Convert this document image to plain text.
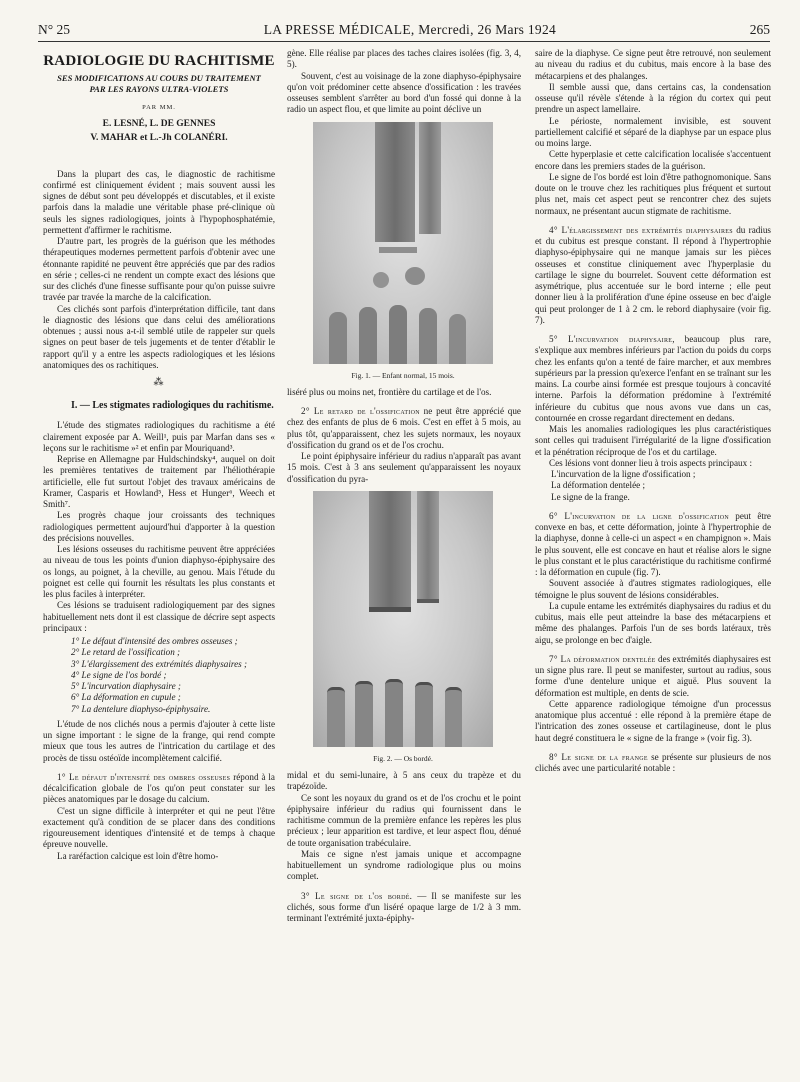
N° 25	LA PRESSE MÉDICALE, Mercredi, 26 Mars 1924	265
RADIOLOGIE DU RACHITISME
SES MODIFICATIONS AU COURS DU TRAITEMENT
PAR LES RAYONS ULTRA-VIOLETS
PAR MM.
E. LESNÉ, L. DE GENNES
V. MAHAR et L.-Jh COLANÉRI.

Dans la plupart des cas, le diagnostic de rachitisme confirmé est cliniquement évident ; mais souvent aussi les signes de début sont peu développés et discutables, et il existe parfois dans la maladie une véritable phase pré-clinique où seuls les signes radiologiques, joints à l'hypophosphatémie, permettent d'affirmer le rachitisme.

D'autre part, les progrès de la guérison que les méthodes thérapeutiques modernes permettent parfois d'obtenir avec une étonnante rapidité ne peuvent être appréciés que par des radios en série ; celles-ci ne rendent un compte exact des lésions que sur des clichés d'une finesse suffisante pour qu'on puisse suivre travée par travée la marche de la calcification.

Ces clichés sont parfois d'interprétation difficile, tant dans le diagnostic des lésions que dans celui des améliorations obtenues ; aussi nous a-t-il semblé utile de rappeler sur quels signes on peut baser de tels jugements et de tenter d'établir le rapport qu'il y a entre les aspects radiologiques et les lésions anatomiques des os rachitiques.

⁂

I. — Les stigmates radiologiques du rachitisme.

L'étude des stigmates radiologiques du rachitisme a été clairement exposée par A. Weill¹, puis par Marfan dans ses « leçons sur le rachitisme »² et enfin par Mouriquand³.

Reprise en Allemagne par Huldschindsky⁴, auquel on doit les premières tentatives de traitement par l'héliothérapie artificielle, elle fut surtout l'objet des travaux américains de Kramer, Casparis et Howland⁵, Hess et Hunger⁶, Weech et Smith⁷.

Les progrès chaque jour croissants des techniques radiologiques permettent aujourd'hui d'apporter à la question des précisions nouvelles.

Les lésions osseuses du rachitisme peuvent être appréciées au niveau de tous les points d'union diaphyso-épiphysaire des os longs, au poignet, à la cheville, au genou. Mais l'étude du poignet est celle qui fournit les résultats les plus constants et les plus faciles à interpréter.

Ces lésions se traduisent radiologiquement par des signes habituellement nets dont il est classique de décrire sept aspects principaux :

1° Le défaut d'intensité des ombres osseuses ;
2° Le retard de l'ossification ;
3° L'élargissement des extrémités diaphysaires ;
4° Le signe de l'os bordé ;
5° L'incurvation diaphysaire ;
6° La déformation en cupule ;
7° La dentelure diaphyso-épiphysaire.

L'étude de nos clichés nous a permis d'ajouter à cette liste un signe important : le signe de la frange, qui rend compte mieux que tous les autres de l'intrication du cartilage et des procès de tissu ostéoïde incomplètement calcifié.

1° Le défaut d'intensité des ombres osseuses répond à la décalcification globale de l'os qu'on peut constater sur les pièces anatomiques par le dosage du calcium.

C'est un signe difficile à interpréter et qui ne peut l'être exactement qu'à condition de se placer dans des conditions rigoureusement identiques d'intensité et de temps à chaque épreuve nouvelle.

La raréfaction calcique est loin d'être homo-

gène. Elle réalise par places des taches claires isolées (fig. 3, 4, 5).

Souvent, c'est au voisinage de la zone diaphyso-épiphysaire qu'on voit prédominer cette absence d'ossification : les travées osseuses semblent s'arrêter au bord d'un fossé qui donne à la radio un aspect flou, et que limite au point déclive un

Fig. 1. — Enfant normal, 15 mois.

liséré plus ou moins net, frontière du cartilage et de l'os.

2° Le retard de l'ossification ne peut être apprécié que chez des enfants de plus de 6 mois. C'est en effet à 5 mois, au plus tôt, qu'apparaissent, chez les sujets normaux, les noyaux d'ossification du grand os et de l'os crochu.

Le point épiphysaire inférieur du radius n'apparaît pas avant 15 mois. C'est à 3 ans seulement qu'apparaissent les noyaux d'ossification du pyra-

Fig. 2. — Os bordé.

midal et du semi-lunaire, à 5 ans ceux du trapèze et du trapézoïde.

Ce sont les noyaux du grand os et de l'os crochu et le point épiphysaire inférieur du radius qui fournissent dans le rachitisme commun de la première enfance les repères les plus précieux ; leur apparition est tardive, et leur aspect flou, dénué de toute organisation trabéculaire.

Mais ce signe n'est jamais unique et accompagne habituellement un syndrome radiologique plus ou moins complet.

3° Le signe de l'os bordé. — Il se manifeste sur les clichés, sous forme d'un liséré opaque large de 1/2 à 3 mm. terminant l'extrémité juxta-épiphy-

saire de la diaphyse. Ce signe peut être retrouvé, non seulement au niveau du radius et du cubitus, mais encore à la base des métacarpiens et des phalanges.

Il semble aussi que, dans certains cas, la condensation osseuse qu'il révèle s'étende à la région du cortex qui peut prendre un aspect lamellaire.

Le périoste, normalement invisible, est souvent partiellement calcifié et séparé de la diaphyse par un espace plus ou moins large.

Cette hyperplasie et cette calcification localisée s'accentuent encore dans les premiers stades de la guérison.

Le signe de l'os bordé est loin d'être pathognomonique. Sans doute on le trouve chez les rachitiques plus fréquent et surtout plus net, mais cet aspect peut se rencontrer chez des sujets normaux, ne présentant aucun stigmate de rachitisme.

4° L'élargissement des extrémités diaphysaires du radius et du cubitus est presque constant. Il répond à l'hypertrophie diaphyso-épiphysaire qui ne manque jamais sur les pièces osseuses et constitue cliniquement avec l'hyperplasie du cartilage le signe du bourrelet. Souvent cette déformation est asymétrique, plus accentuée sur le bord interne ; elle peut donner lieu à la prolifération d'une épine osseuse en bec d'aigle qui peut prolonger de 1 à 2 cm. le rebord diaphysaire (voir fig. 7).

5° L'incurvation diaphysaire, beaucoup plus rare, s'explique aux membres inférieurs par l'action du poids du corps chez les enfants qu'on a tenté de faire marcher, et aux membres supérieurs par la pression qu'exerce l'enfant en se traînant sur les mains. La courbe ainsi formée est presque toujours à concavité interne. Parfois la déformation prédomine à l'extrémité inférieure du cubitus que nous avons vue dans un cas, contournée en crosse regardant directement en dedans.

Mais les anomalies radiologiques les plus caractéristiques sont celles qui traduisent l'irrégularité de la ligne d'ossification et la pénétration réciproque de l'os et du cartilage.

Ces lésions vont donner lieu à trois aspects principaux :

L'incurvation de la ligne d'ossification ;
La déformation dentelée ;
Le signe de la frange.

6° L'incurvation de la ligne d'ossification peut être convexe en bas, et cette déformation, jointe à l'hypertrophie de la diaphyse, donne à celle-ci un aspect « en champignon ». Mais le plus souvent, elle est concave en haut et réalise alors le signe le plus constant et le plus caractéristique du rachitisme confirmé : la déformation en cupule (fig. 7).

Souvent associée à d'autres stigmates radiologiques, elle témoigne le plus souvent de lésions considérables.

La cupule entame les extrémités diaphysaires du radius et du cubitus, mais elle peut atteindre la base des métacarpiens et même des phalanges. Parfois l'un de ses bords latéraux, très aigu, se prolonge en bec d'aigle.

7° La déformation dentelée des extrémités diaphysaires est un signe plus rare. Il peut se manifester, surtout au radius, sous forme d'une dentelure unique et aiguë. Plus souvent la déformation est multiple, en dents de scie.

Cette apparence radiologique témoigne d'un processus anatomique plus accentué : elle répond à la première étape de l'intrication des zones osseuse et cartilagineuse, dont le plus haut degré constituera le « signe de la frange » (voir fig. 3).

8° Le signe de la frange se présente sur plusieurs de nos clichés avec une particularité notable :
